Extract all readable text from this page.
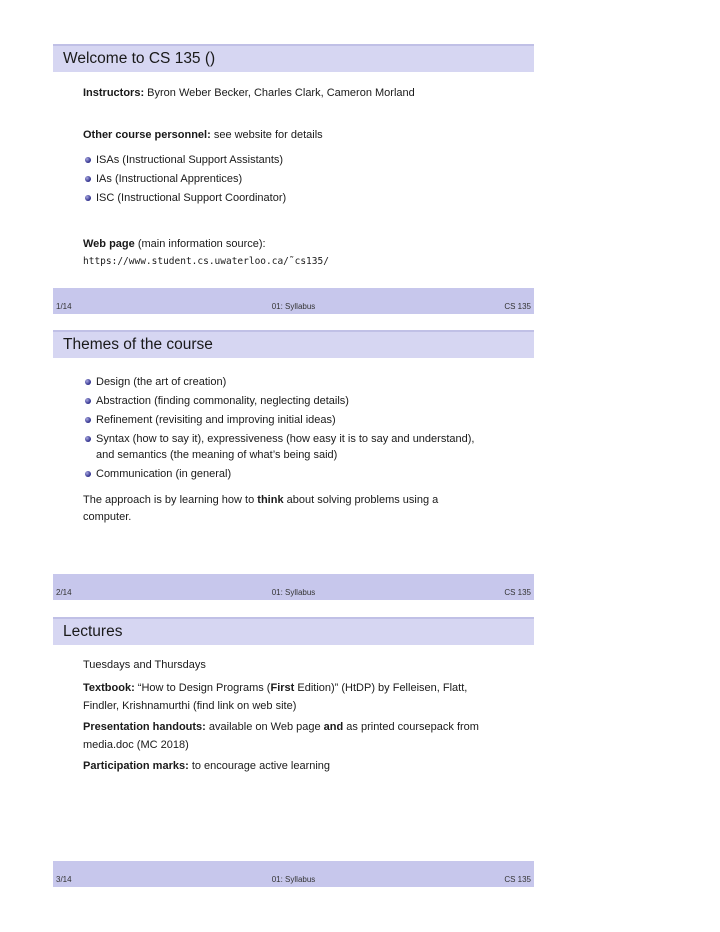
Welcome to CS 135 ()
Instructors: Byron Weber Becker, Charles Clark, Cameron Morland
Other course personnel: see website for details
ISAs (Instructional Support Assistants)
IAs (Instructional Apprentices)
ISC (Instructional Support Coordinator)
Web page (main information source):
https://www.student.cs.uwaterloo.ca/˜cs135/
1/14	01: Syllabus	CS 135
Themes of the course
Design (the art of creation)
Abstraction (finding commonality, neglecting details)
Refinement (revisiting and improving initial ideas)
Syntax (how to say it), expressiveness (how easy it is to say and understand),
and semantics (the meaning of what’s being said)
Communication (in general)
The approach is by learning how to think about solving problems using a
computer.
2/14	01: Syllabus	CS 135
Lectures
Tuesdays and Thursdays
Textbook: “How to Design Programs (First Edition)” (HtDP) by Felleisen, Flatt,
Findler, Krishnamurthi (find link on web site)
Presentation handouts: available on Web page and as printed coursepack from
media.doc (MC 2018)
Participation marks: to encourage active learning
3/14	01: Syllabus	CS 135
